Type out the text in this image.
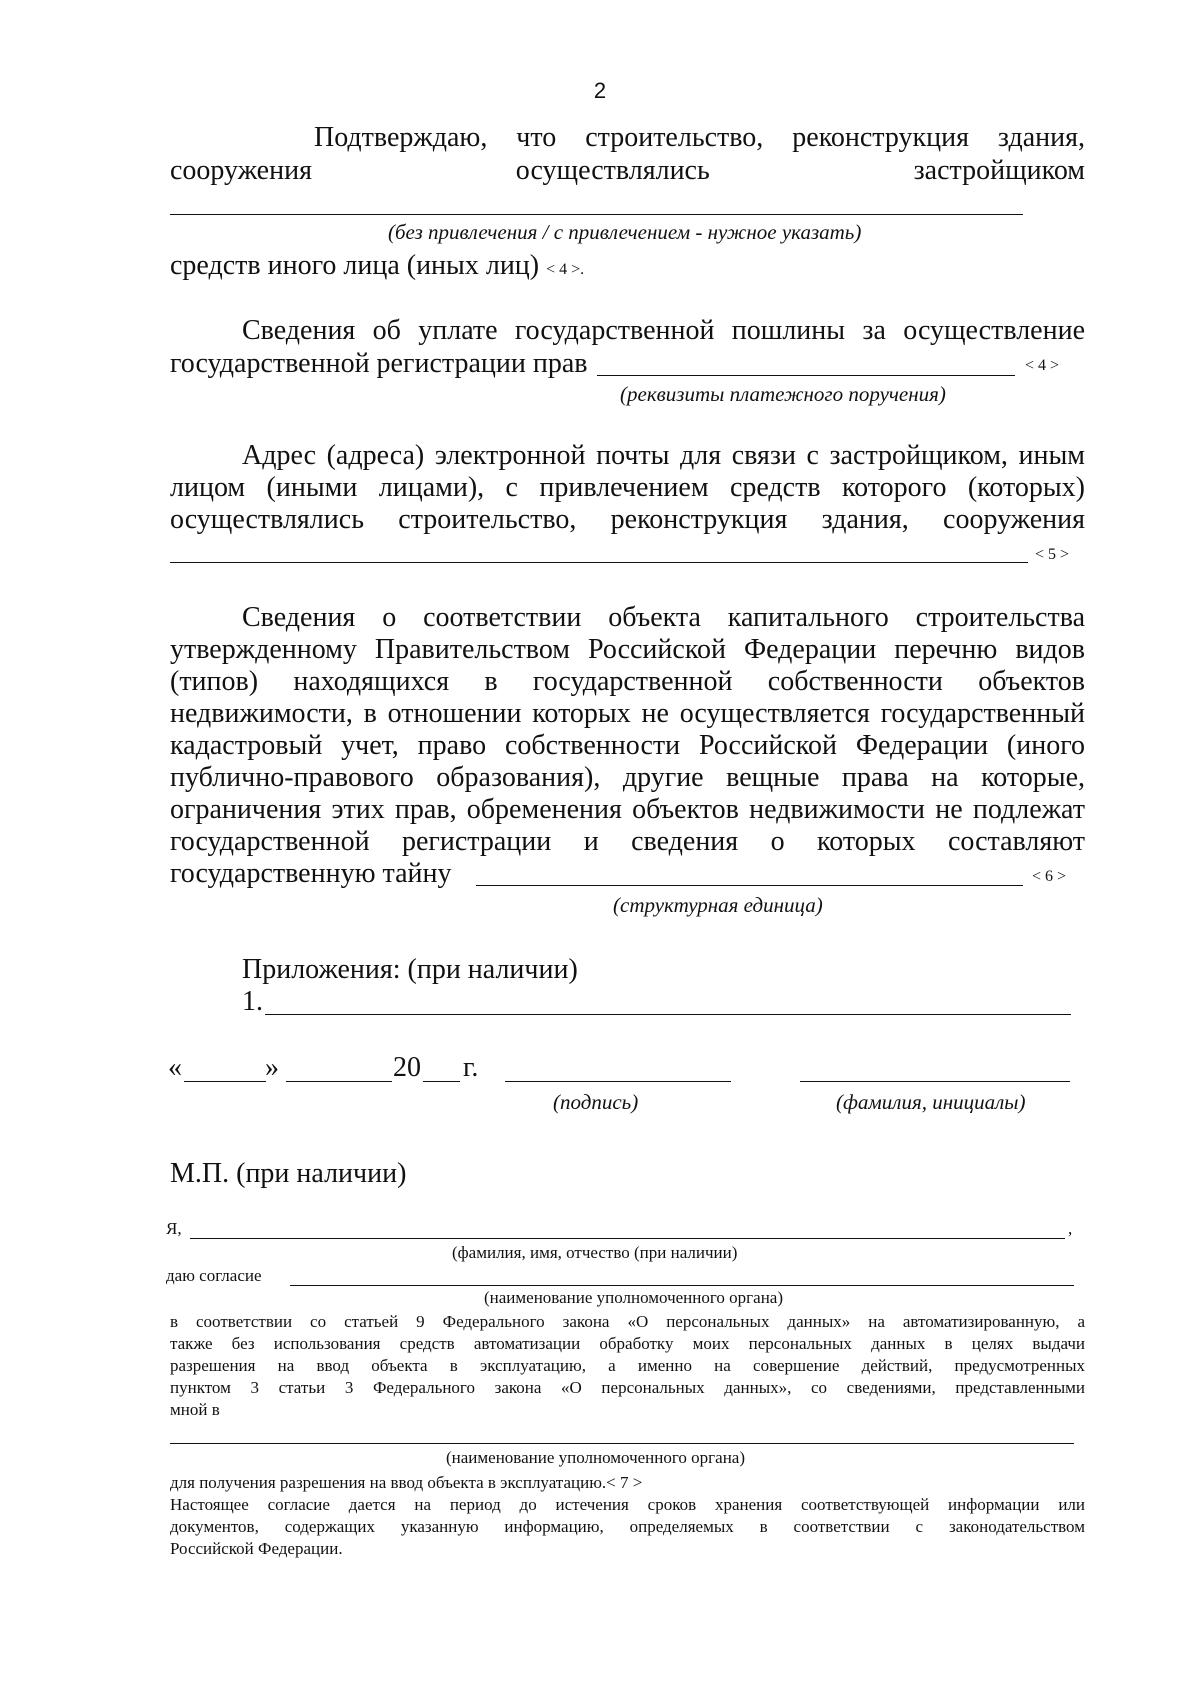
2
Подтверждаю, что строительство, реконструкция здания,
сооружения осуществлялись застройщиком
(без привлечения / с привлечением - нужное указать)
средств иного лица (иных лиц) < 4 >.
Сведения об уплате государственной пошлины за осуществление
государственной регистрации прав	< 4 >
(реквизиты платежного поручения)
Адрес (адреса) электронной почты для связи с застройщиком, иным
лицом (иными лицами), с привлечением средств которого (которых)
осуществлялись строительство, реконструкция здания, сооружения
< 5 >
Сведения о соответствии объекта капитального строительства
утвержденному Правительством Российской Федерации перечню видов
(типов) находящихся в государственной собственности объектов
недвижимости, в отношении которых не осуществляется государственный
кадастровый учет, право собственности Российской Федерации (иного
публично-правового образования), другие вещные права на которые,
ограничения этих прав, обременения объектов недвижимости не подлежат
государственной регистрации и сведения о которых составляют
государственную тайну	< 6 >
(структурная единица)
Приложения: (при наличии)
1.
«	»	20 г.
(подпись)	(фамилия, инициалы)
М.П. (при наличии)
Я,	,
(фамилия, имя, отчество (при наличии)
даю согласие
(наименование уполномоченного органа)
в соответствии со статьей 9 Федерального закона «О персональных данных» на автоматизированную, а
также без использования средств автоматизации обработку моих персональных данных в целях выдачи
разрешения на ввод объекта в эксплуатацию, а именно на совершение действий, предусмотренных
пунктом 3 статьи 3 Федерального закона «О персональных данных», со сведениями, представленными
мной в
(наименование уполномоченного органа)
для получения разрешения на ввод объекта в эксплуатацию.< 7 >
Настоящее согласие дается на период до истечения сроков хранения соответствующей информации или
документов, содержащих указанную информацию, определяемых в соответствии с законодательством
Российской Федерации.
